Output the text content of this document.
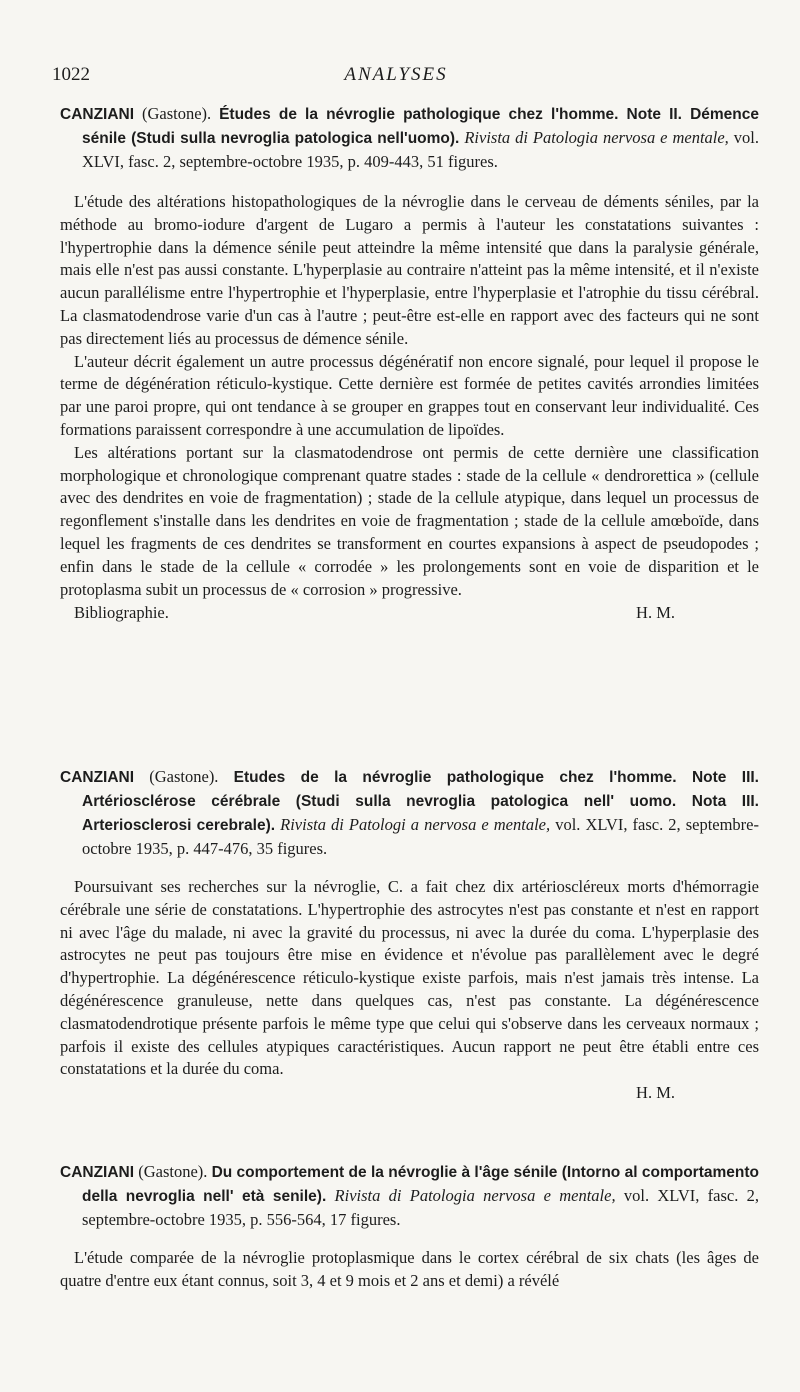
1022	ANALYSES
CANZIANI (Gastone). Études de la névroglie pathologique chez l'homme. Note II. Démence sénile (Studi sulla nevroglia patologica nell'uomo). Rivista di Patologia nervosa e mentale, vol. XLVI, fasc. 2, septembre-octobre 1935, p. 409-443, 51 figures.

L'étude des altérations histopathologiques de la névroglie dans le cerveau de déments séniles, par la méthode au bromo-iodure d'argent de Lugaro a permis à l'auteur les constatations suivantes : l'hypertrophie dans la démence sénile peut atteindre la même intensité que dans la paralysie générale, mais elle n'est pas aussi constante. L'hyperplasie au contraire n'atteint pas la même intensité, et il n'existe aucun parallélisme entre l'hypertrophie et l'hyperplasie, entre l'hyperplasie et l'atrophie du tissu cérébral. La clasmatodendrose varie d'un cas à l'autre ; peut-être est-elle en rapport avec des facteurs qui ne sont pas directement liés au processus de démence sénile.

L'auteur décrit également un autre processus dégénératif non encore signalé, pour lequel il propose le terme de dégénération réticulo-kystique. Cette dernière est formée de petites cavités arrondies limitées par une paroi propre, qui ont tendance à se grouper en grappes tout en conservant leur individualité. Ces formations paraissent correspondre à une accumulation de lipoïdes.

Les altérations portant sur la clasmatodendrose ont permis de cette dernière une classification morphologique et chronologique comprenant quatre stades : stade de la cellule « dendrorettica » (cellule avec des dendrites en voie de fragmentation) ; stade de la cellule atypique, dans lequel un processus de regonflement s'installe dans les dendrites en voie de fragmentation ; stade de la cellule amœboïde, dans lequel les fragments de ces dendrites se transforment en courtes expansions à aspect de pseudopodes ; enfin dans le stade de la cellule « corrodée » les prolongements sont en voie de disparition et le protoplasma subit un processus de « corrosion » progressive.

Bibliographie.	H. M.
CANZIANI (Gastone). Etudes de la névroglie pathologique chez l'homme. Note III. Artériosclérose cérébrale (Studi sulla nevroglia patologica nell' uomo. Nota III. Arteriosclerosi cerebrale). Rivista di Patologi a nervosa e mentale, vol. XLVI, fasc. 2, septembre-octobre 1935, p. 447-476, 35 figures.

Poursuivant ses recherches sur la névroglie, C. a fait chez dix artérioscléreux morts d'hémorragie cérébrale une série de constatations. L'hypertrophie des astrocytes n'est pas constante et n'est en rapport ni avec l'âge du malade, ni avec la gravité du processus, ni avec la durée du coma. L'hyperplasie des astrocytes ne peut pas toujours être mise en évidence et n'évolue pas parallèlement avec le degré d'hypertrophie. La dégénérescence réticulo-kystique existe parfois, mais n'est jamais très intense. La dégénérescence granuleuse, nette dans quelques cas, n'est pas constante. La dégénérescence clasmatodendrotique présente parfois le même type que celui qui s'observe dans les cerveaux normaux ; parfois il existe des cellules atypiques caractéristiques. Aucun rapport ne peut être établi entre ces constatations et la durée du coma.

H. M.
CANZIANI (Gastone). Du comportement de la névroglie à l'âge sénile (Intorno al comportamento della nevroglia nell' età senile). Rivista di Patologia nervosa e mentale, vol. XLVI, fasc. 2, septembre-octobre 1935, p. 556-564, 17 figures.

L'étude comparée de la névroglie protoplasmique dans le cortex cérébral de six chats (les âges de quatre d'entre eux étant connus, soit 3, 4 et 9 mois et 2 ans et demi) a révélé
